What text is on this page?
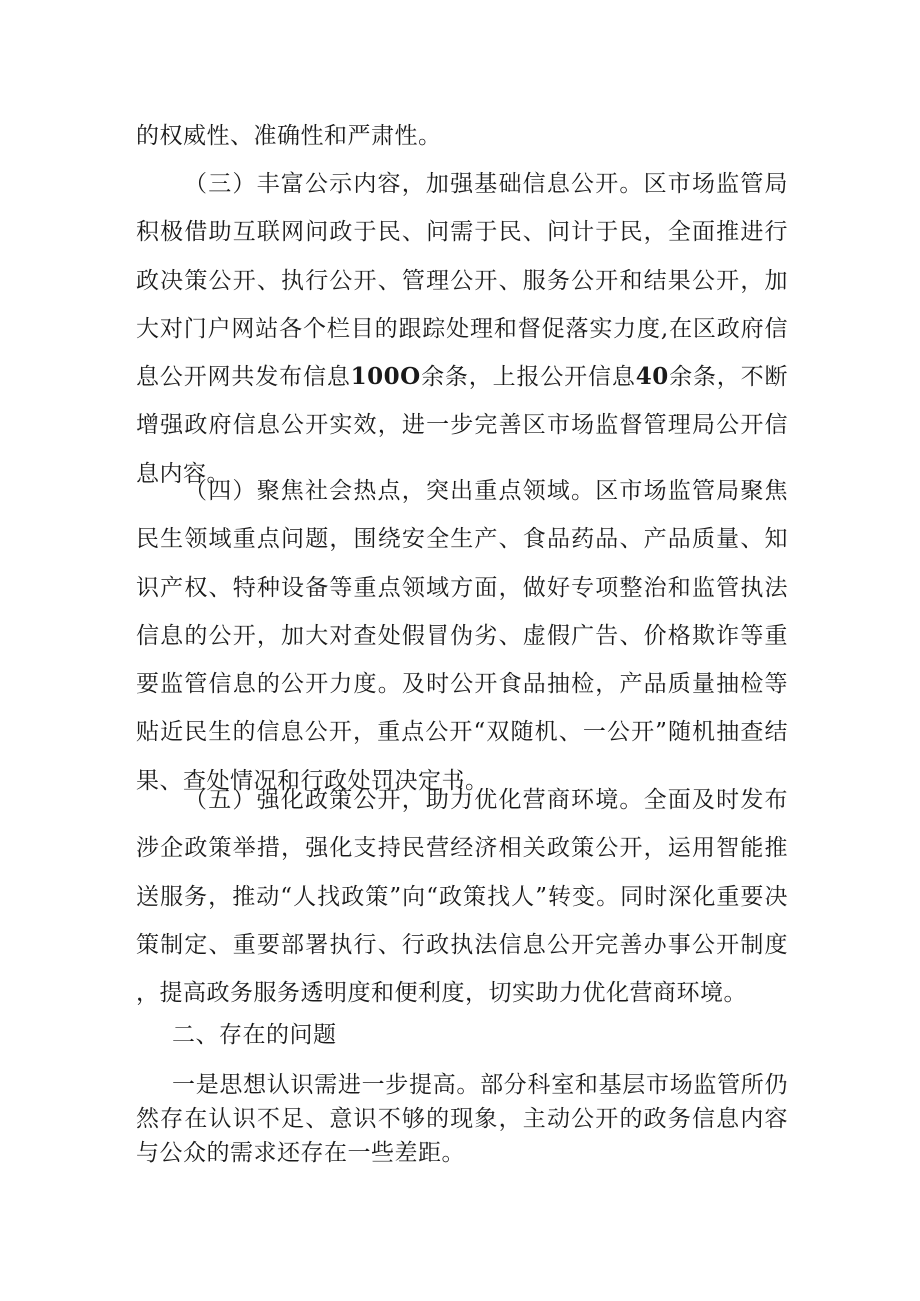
的权威性、准确性和严肃性。

（三）丰富公示内容，加强基础信息公开。区市场监管局积极借助互联网问政于民、问需于民、问计于民，全面推进行政决策公开、执行公开、管理公开、服务公开和结果公开，加大对门户网站各个栏目的跟踪处理和督促落实力度,在区政府信息公开网共发布信息100O余条，上报公开信息40余条，不断增强政府信息公开实效，进一步完善区市场监督管理局公开信息内容。

（四）聚焦社会热点，突出重点领域。区市场监管局聚焦民生领域重点问题，围绕安全生产、食品药品、产品质量、知识产权、特种设备等重点领域方面，做好专项整治和监管执法信息的公开，加大对查处假冒伪劣、虚假广告、价格欺诈等重要监管信息的公开力度。及时公开食品抽检，产品质量抽检等贴近民生的信息公开，重点公开“双随机、一公开”随机抽查结果、查处情况和行政处罚决定书。

（五）强化政策公开，助力优化营商环境。全面及时发布涉企政策举措，强化支持民营经济相关政策公开，运用智能推送服务，推动“人找政策”向“政策找人”转变。同时深化重要决策制定、重要部署执行、行政执法信息公开完善办事公开制度，提高政务服务透明度和便利度，切实助力优化营商环境。

二、存在的问题

一是思想认识需进一步提高。部分科室和基层市场监管所仍然存在认识不足、意识不够的现象，主动公开的政务信息内容与公众的需求还存在一些差距。
